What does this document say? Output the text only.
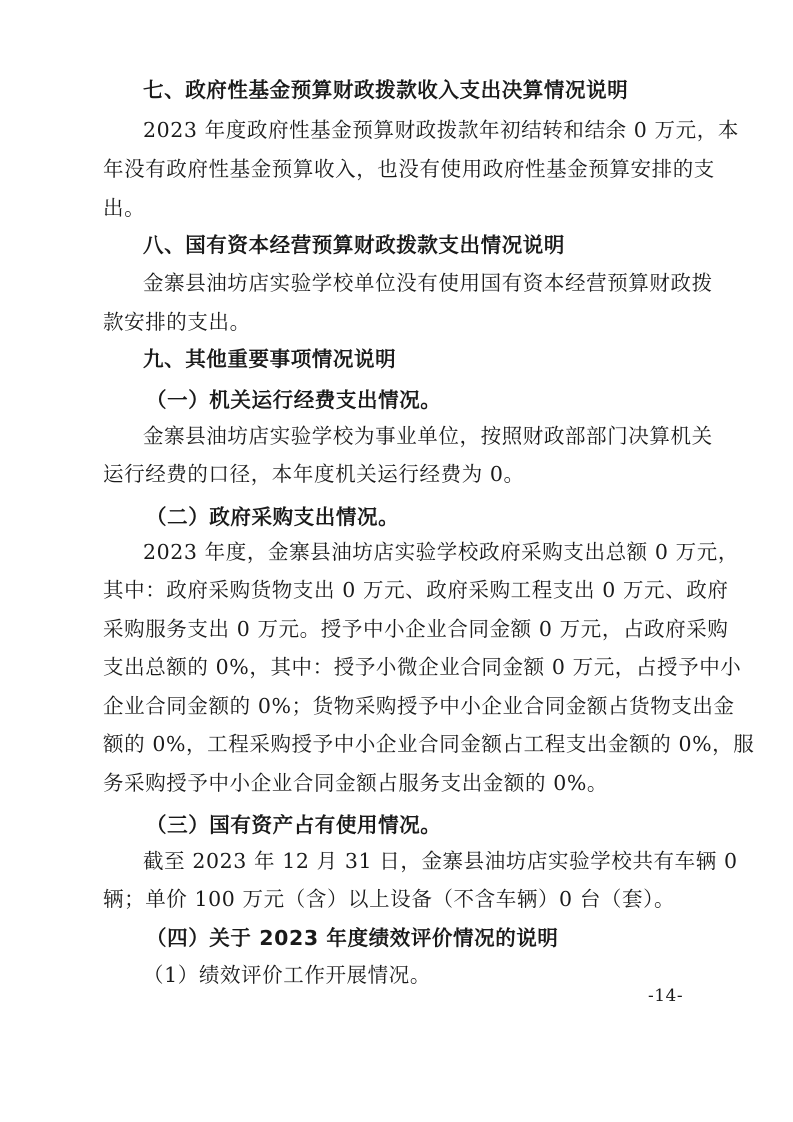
七、政府性基金预算财政拨款收入支出决算情况说明
2023 年度政府性基金预算财政拨款年初结转和结余 0 万元，本
年没有政府性基金预算收入，也没有使用政府性基金预算安排的支
出。
八、国有资本经营预算财政拨款支出情况说明
金寨县油坊店实验学校单位没有使用国有资本经营预算财政拨
款安排的支出。
九、其他重要事项情况说明
（一）机关运行经费支出情况。
金寨县油坊店实验学校为事业单位，按照财政部部门决算机关
运行经费的口径，本年度机关运行经费为 0。
（二）政府采购支出情况。
2023 年度，金寨县油坊店实验学校政府采购支出总额 0 万元，
其中：政府采购货物支出 0 万元、政府采购工程支出 0 万元、政府
采购服务支出 0 万元。授予中小企业合同金额 0 万元，占政府采购
支出总额的 0%，其中：授予小微企业合同金额 0 万元，占授予中小
企业合同金额的 0%；货物采购授予中小企业合同金额占货物支出金
额的 0%，工程采购授予中小企业合同金额占工程支出金额的 0%，服
务采购授予中小企业合同金额占服务支出金额的 0%。
（三）国有资产占有使用情况。
截至 2023 年 12 月 31 日，金寨县油坊店实验学校共有车辆 0
辆；单价 100 万元（含）以上设备（不含车辆）0 台（套）。
（四）关于 2023 年度绩效评价情况的说明
（1）绩效评价工作开展情况。
-14-
